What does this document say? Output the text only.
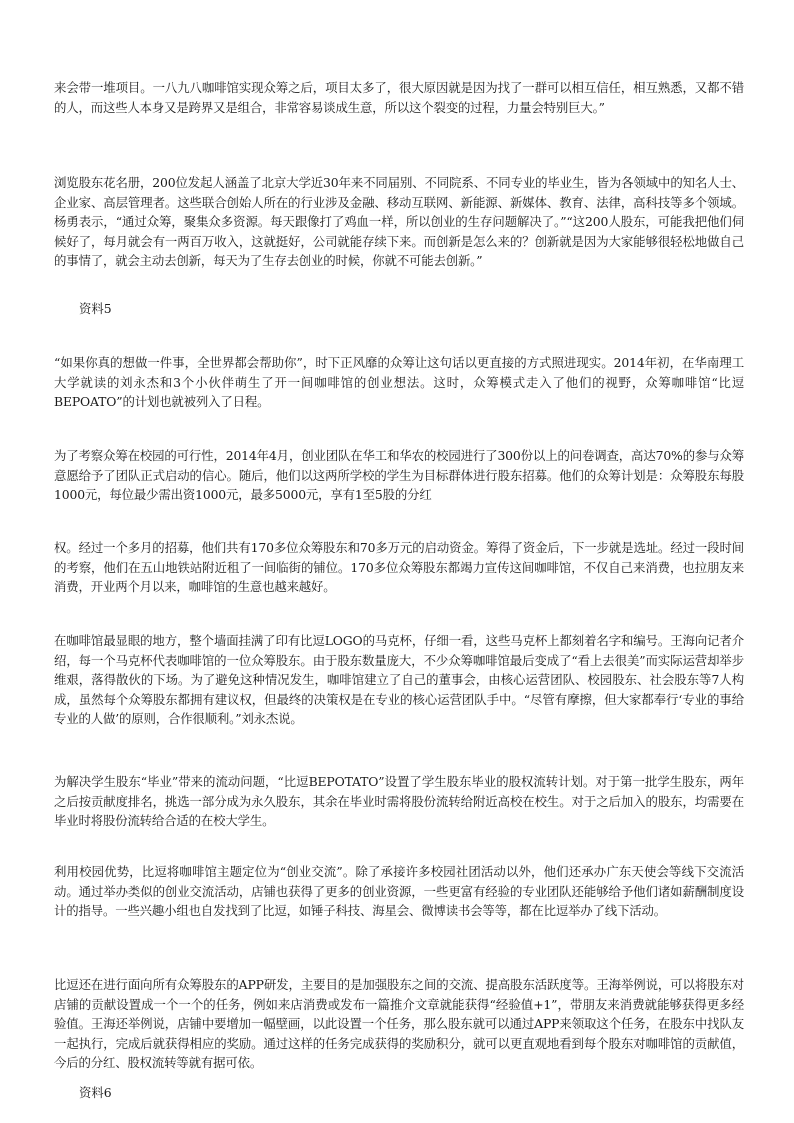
来会带一堆项目。一八九八咖啡馆实现众筹之后，项目太多了，很大原因就是因为找了一群可以相互信任，相互熟悉，又都不错的人，而这些人本身又是跨界又是组合，非常容易谈成生意，所以这个裂变的过程，力量会特别巨大。”

浏览股东花名册，200位发起人涵盖了北京大学近30年来不同届别、不同院系、不同专业的毕业生，皆为各领域中的知名人士、企业家、高层管理者。这些联合创始人所在的行业涉及金融、移动互联网、新能源、新媒体、教育、法律，高科技等多个领域。杨勇表示，“通过众筹，聚集众多资源。每天跟像打了鸡血一样，所以创业的生存问题解决了。”“这200人股东，可能我把他们伺候好了，每月就会有一两百万收入，这就挺好，公司就能存续下来。而创新是怎么来的？创新就是因为大家能够很轻松地做自己的事情了，就会主动去创新，每天为了生存去创业的时候，你就不可能去创新。”

资料5

“如果你真的想做一件事，全世界都会帮助你”，时下正风靡的众筹让这句话以更直接的方式照进现实。2014年初，在华南理工大学就读的刘永杰和3个小伙伴萌生了开一间咖啡馆的创业想法。这时，众筹模式走入了他们的视野，众筹咖啡馆“比逗BEPOATO”的计划也就被列入了日程。

为了考察众筹在校园的可行性，2014年4月，创业团队在华工和华农的校园进行了300份以上的问卷调查，高达70%的参与众筹意愿给予了团队正式启动的信心。随后，他们以这两所学校的学生为目标群体进行股东招募。他们的众筹计划是：众筹股东每股1000元，每位最少需出资1000元，最多5000元，享有1至5股的分红

权。经过一个多月的招募，他们共有170多位众筹股东和70多万元的启动资金。筹得了资金后，下一步就是选址。经过一段时间的考察，他们在五山地铁站附近租了一间临街的铺位。170多位众筹股东都竭力宣传这间咖啡馆，不仅自己来消费，也拉朋友来消费，开业两个月以来，咖啡馆的生意也越来越好。

在咖啡馆最显眼的地方，整个墙面挂满了印有比逗LOGO的马克杯，仔细一看，这些马克杯上都刻着名字和编号。王海向记者介绍，每一个马克杯代表咖啡馆的一位众筹股东。由于股东数量庞大，不少众筹咖啡馆最后变成了“看上去很美”而实际运营却举步维艰，落得散伙的下场。为了避免这种情况发生，咖啡馆建立了自己的董事会，由核心运营团队、校园股东、社会股东等7人构成，虽然每个众筹股东都拥有建议权，但最终的决策权是在专业的核心运营团队手中。“尽管有摩擦，但大家都奉行‘专业的事给专业的人做’的原则，合作很顺利。”刘永杰说。

为解决学生股东“毕业”带来的流动问题，“比逗BEPOTATO”设置了学生股东毕业的股权流转计划。对于第一批学生股东，两年之后按贡献度排名，挑选一部分成为永久股东，其余在毕业时需将股份流转给附近高校在校生。对于之后加入的股东，均需要在毕业时将股份流转给合适的在校大学生。

利用校园优势，比逗将咖啡馆主题定位为“创业交流”。除了承接许多校园社团活动以外，他们还承办广东天使会等线下交流活动。通过举办类似的创业交流活动，店铺也获得了更多的创业资源，一些更富有经验的专业团队还能够给予他们诸如薪酬制度设计的指导。一些兴趣小组也自发找到了比逗，如锤子科技、海星会、微博读书会等等，都在比逗举办了线下活动。

比逗还在进行面向所有众筹股东的APP研发，主要目的是加强股东之间的交流、提高股东活跃度等。王海举例说，可以将股东对店铺的贡献设置成一个一个的任务，例如来店消费或发布一篇推介文章就能获得“经验值+1”，带朋友来消费就能够获得更多经验值。王海还举例说，店铺中要增加一幅壁画，以此设置一个任务，那么股东就可以通过APP来领取这个任务，在股东中找队友一起执行，完成后就获得相应的奖励。通过这样的任务完成获得的奖励积分，就可以更直观地看到每个股东对咖啡馆的贡献值，今后的分红、股权流转等就有据可依。

资料6
